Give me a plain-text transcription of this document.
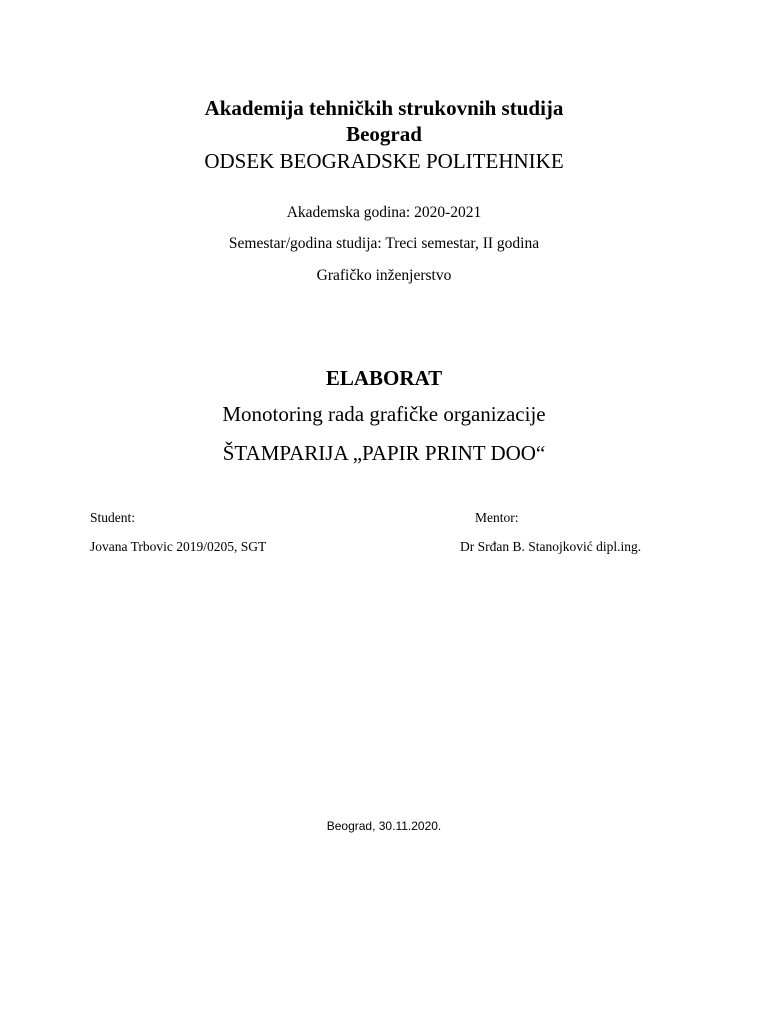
Akademija tehničkih strukovnih studija
Beograd
ODSEK BEOGRADSKE POLITEHNIKE
Akademska godina: 2020-2021
Semestar/godina studija: Treci semestar, II godina
Grafičko inženjerstvo
ELABORAT
Monotoring rada grafičke organizacije
ŠTAMPARIJA „PAPIR PRINT DOO“
Student:
Jovana Trbovic 2019/0205, SGT
Mentor:
Dr Srđan B. Stanojković dipl.ing.
Beograd, 30.11.2020.
